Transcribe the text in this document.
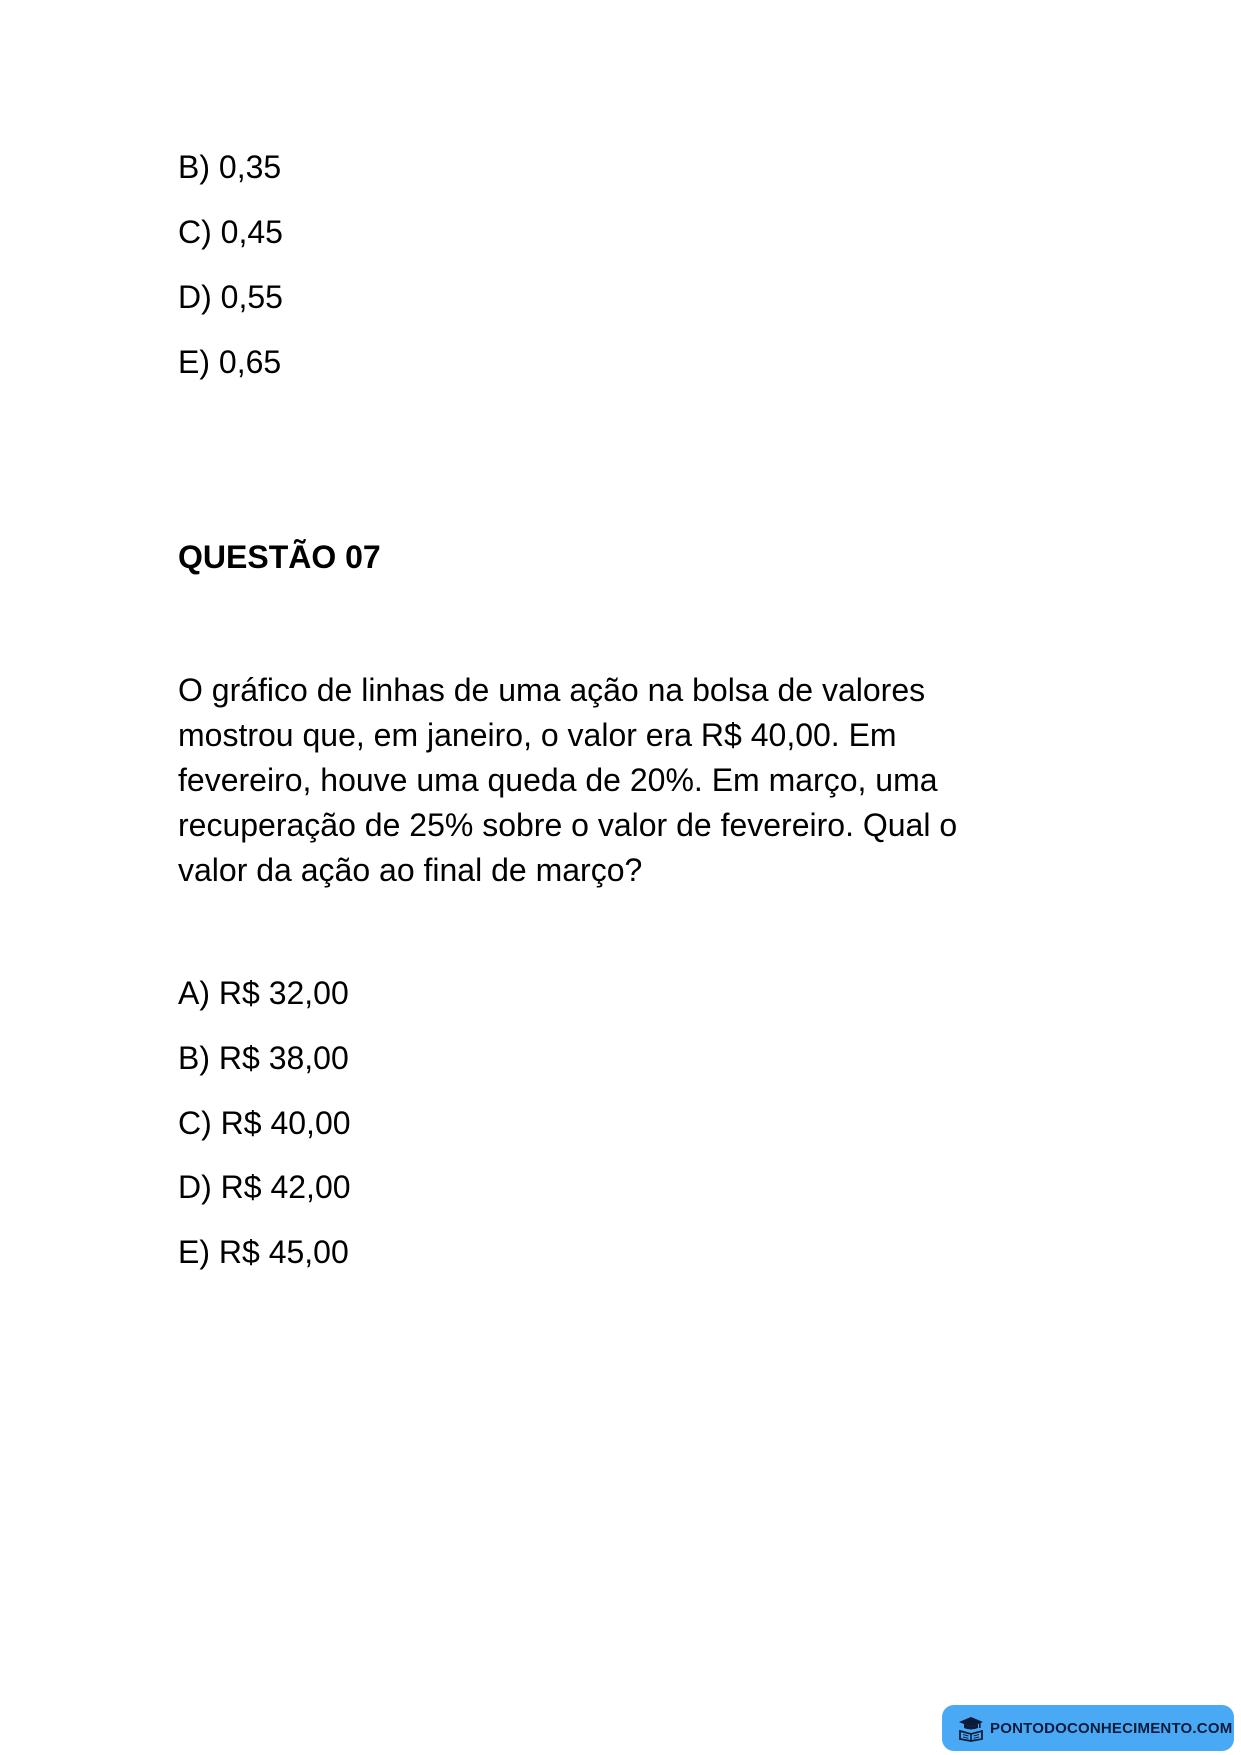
B) 0,35
C) 0,45
D) 0,55
E) 0,65
QUESTÃO 07
O gráfico de linhas de uma ação na bolsa de valores
mostrou que, em janeiro, o valor era R$ 40,00. Em
fevereiro, houve uma queda de 20%. Em março, uma
recuperação de 25% sobre o valor de fevereiro. Qual o
valor da ação ao final de março?
A) R$ 32,00
B) R$ 38,00
C) R$ 40,00
D) R$ 42,00
E) R$ 45,00
PONTODOCONHECIMENTO.COM
